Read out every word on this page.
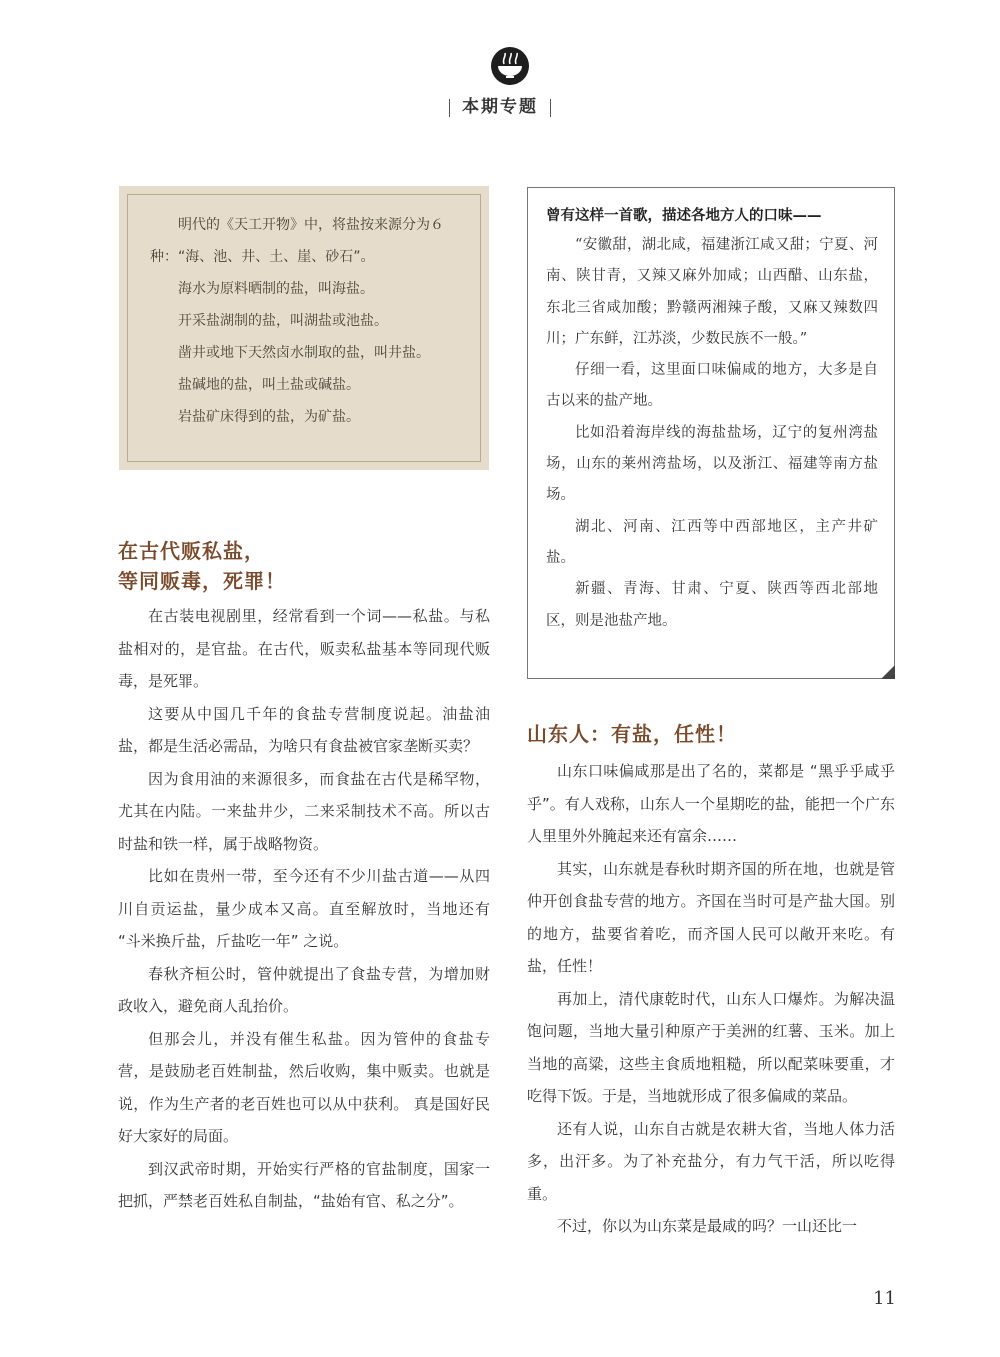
本期专题

明代的《天工开物》中，将盐按来源分为６种：“海、池、井、土、崖、砂石”。

海水为原料晒制的盐，叫海盐。

开采盐湖制的盐，叫湖盐或池盐。

凿井或地下天然卤水制取的盐，叫井盐。

盐碱地的盐，叫土盐或碱盐。

岩盐矿床得到的盐，为矿盐。

在古代贩私盐，
等同贩毒，死罪！

在古装电视剧里，经常看到一个词——私盐。与私盐相对的，是官盐。在古代，贩卖私盐基本等同现代贩毒，是死罪。

这要从中国几千年的食盐专营制度说起。油盐油盐，都是生活必需品，为啥只有食盐被官家垄断买卖？

因为食用油的来源很多，而食盐在古代是稀罕物，尤其在内陆。一来盐井少，二来采制技术不高。所以古时盐和铁一样，属于战略物资。

比如在贵州一带，至今还有不少川盐古道——从四川自贡运盐，量少成本又高。直至解放时，当地还有 “斗米换斤盐，斤盐吃一年” 之说。

春秋齐桓公时，管仲就提出了食盐专营，为增加财政收入，避免商人乱抬价。

但那会儿，并没有催生私盐。因为管仲的食盐专营，是鼓励老百姓制盐，然后收购，集中贩卖。也就是说，作为生产者的老百姓也可以从中获利。 真是国好民好大家好的局面。

到汉武帝时期，开始实行严格的官盐制度，国家一把抓，严禁老百姓私自制盐，“盐始有官、私之分”。

曾有这样一首歌，描述各地方人的口味——

“安徽甜，湖北咸，福建浙江咸又甜；宁夏、河南、陕甘青，又辣又麻外加咸；山西醋、山东盐，东北三省咸加酸；黔赣两湘辣子酸，又麻又辣数四川；广东鲜，江苏淡，少数民族不一般。”

仔细一看，这里面口味偏咸的地方，大多是自古以来的盐产地。

比如沿着海岸线的海盐盐场，辽宁的复州湾盐场，山东的莱州湾盐场，以及浙江、福建等南方盐场。

湖北、河南、江西等中西部地区，主产井矿盐。

新疆、青海、甘肃、宁夏、陕西等西北部地区，则是池盐产地。

山东人：有盐，任性！

山东口味偏咸那是出了名的，菜都是 “黑乎乎咸乎乎”。有人戏称，山东人一个星期吃的盐，能把一个广东人里里外外腌起来还有富余……

其实，山东就是春秋时期齐国的所在地，也就是管仲开创食盐专营的地方。齐国在当时可是产盐大国。别的地方，盐要省着吃，而齐国人民可以敞开来吃。有盐，任性！

再加上，清代康乾时代，山东人口爆炸。为解决温饱问题，当地大量引种原产于美洲的红薯、玉米。加上当地的高粱，这些主食质地粗糙，所以配菜味要重，才吃得下饭。于是，当地就形成了很多偏咸的菜品。

还有人说，山东自古就是农耕大省，当地人体力活多，出汗多。为了补充盐分，有力气干活，所以吃得重。

不过，你以为山东菜是最咸的吗？一山还比一

11
